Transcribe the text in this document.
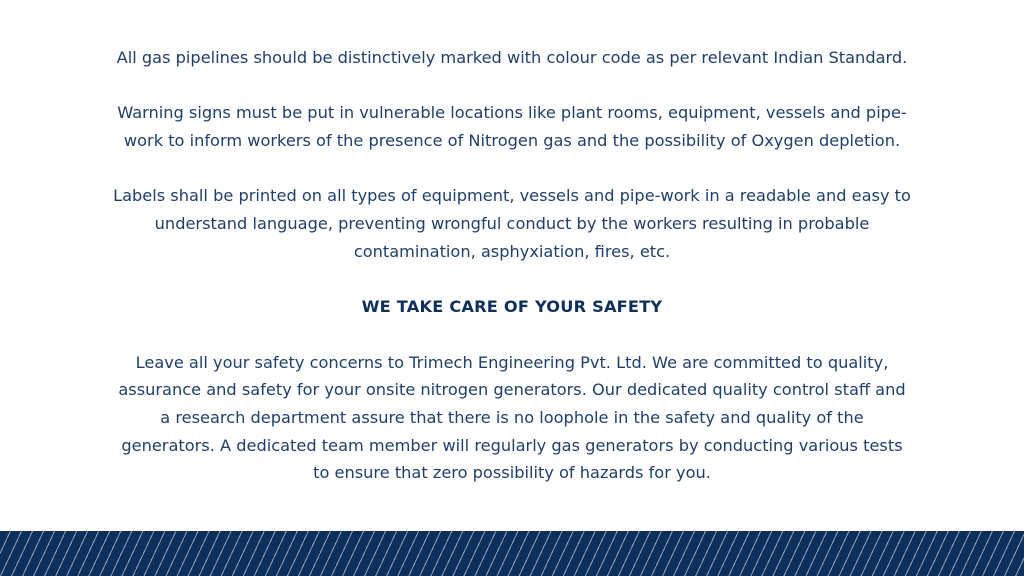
All gas pipelines should be distinctively marked with colour code as per relevant Indian Standard.

Warning signs must be put in vulnerable locations like plant rooms, equipment, vessels and pipe-
work to inform workers of the presence of Nitrogen gas and the possibility of Oxygen depletion.

Labels shall be printed on all types of equipment, vessels and pipe-work in a readable and easy to
understand language, preventing wrongful conduct by the workers resulting in probable
contamination, asphyxiation, fires, etc.

WE TAKE CARE OF YOUR SAFETY

Leave all your safety concerns to Trimech Engineering Pvt. Ltd. We are committed to quality,
assurance and safety for your onsite nitrogen generators. Our dedicated quality control staff and
a research department assure that there is no loophole in the safety and quality of the
generators. A dedicated team member will regularly gas generators by conducting various tests
to ensure that zero possibility of hazards for you.
